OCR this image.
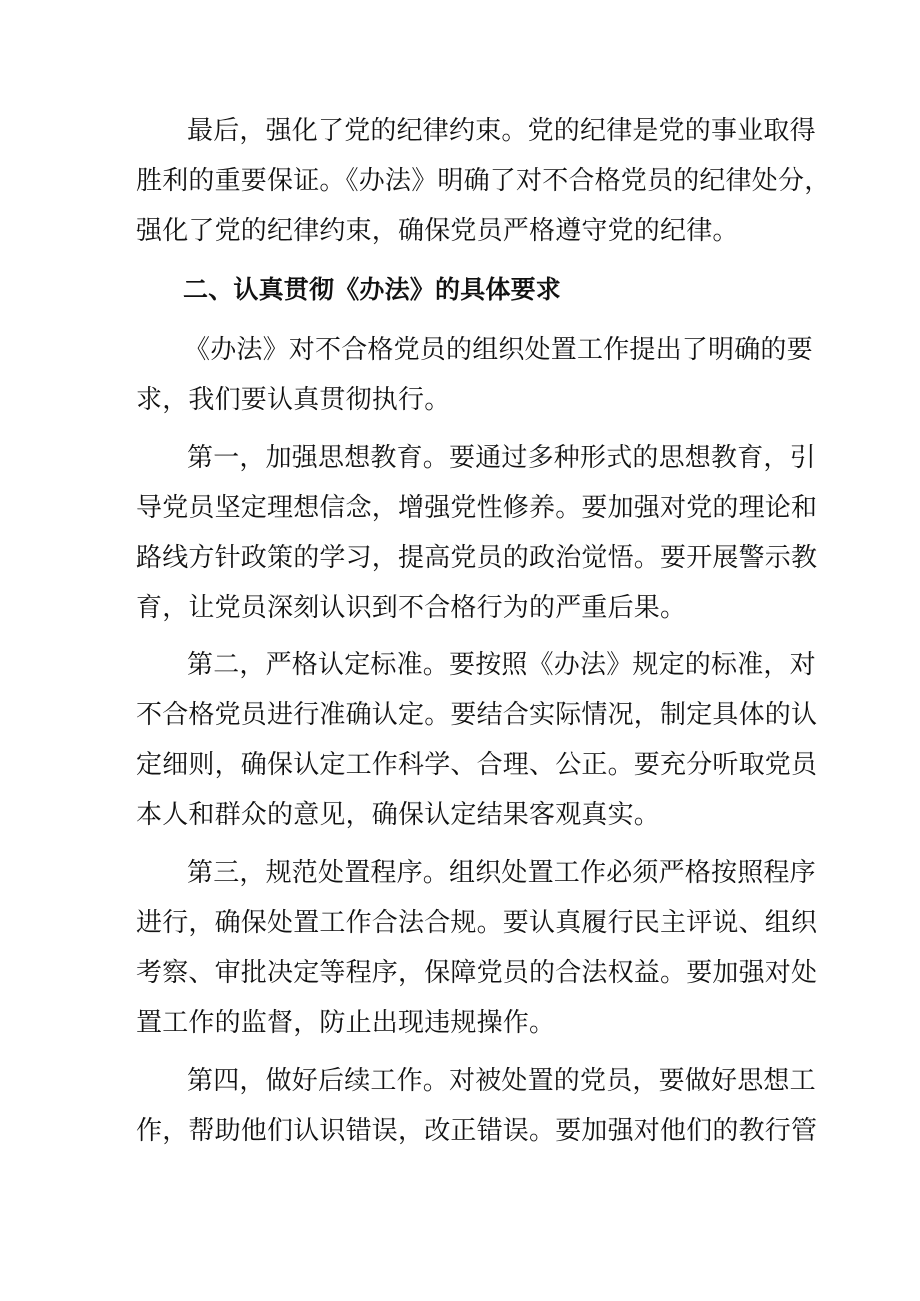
最后，强化了党的纪律约束。党的纪律是党的事业取得
胜利的重要保证。《办法》明确了对不合格党员的纪律处分，
强化了党的纪律约束，确保党员严格遵守党的纪律。
二、认真贯彻《办法》的具体要求
《办法》对不合格党员的组织处置工作提出了明确的要
求，我们要认真贯彻执行。
第一，加强思想教育。要通过多种形式的思想教育，引
导党员坚定理想信念，增强党性修养。要加强对党的理论和
路线方针政策的学习，提高党员的政治觉悟。要开展警示教
育，让党员深刻认识到不合格行为的严重后果。
第二，严格认定标准。要按照《办法》规定的标准，对
不合格党员进行准确认定。要结合实际情况，制定具体的认
定细则，确保认定工作科学、合理、公正。要充分听取党员
本人和群众的意见，确保认定结果客观真实。
第三，规范处置程序。组织处置工作必须严格按照程序
进行，确保处置工作合法合规。要认真履行民主评说、组织
考察、审批决定等程序，保障党员的合法权益。要加强对处
置工作的监督，防止出现违规操作。
第四，做好后续工作。对被处置的党员，要做好思想工
作，帮助他们认识错误，改正错误。要加强对他们的教行管
